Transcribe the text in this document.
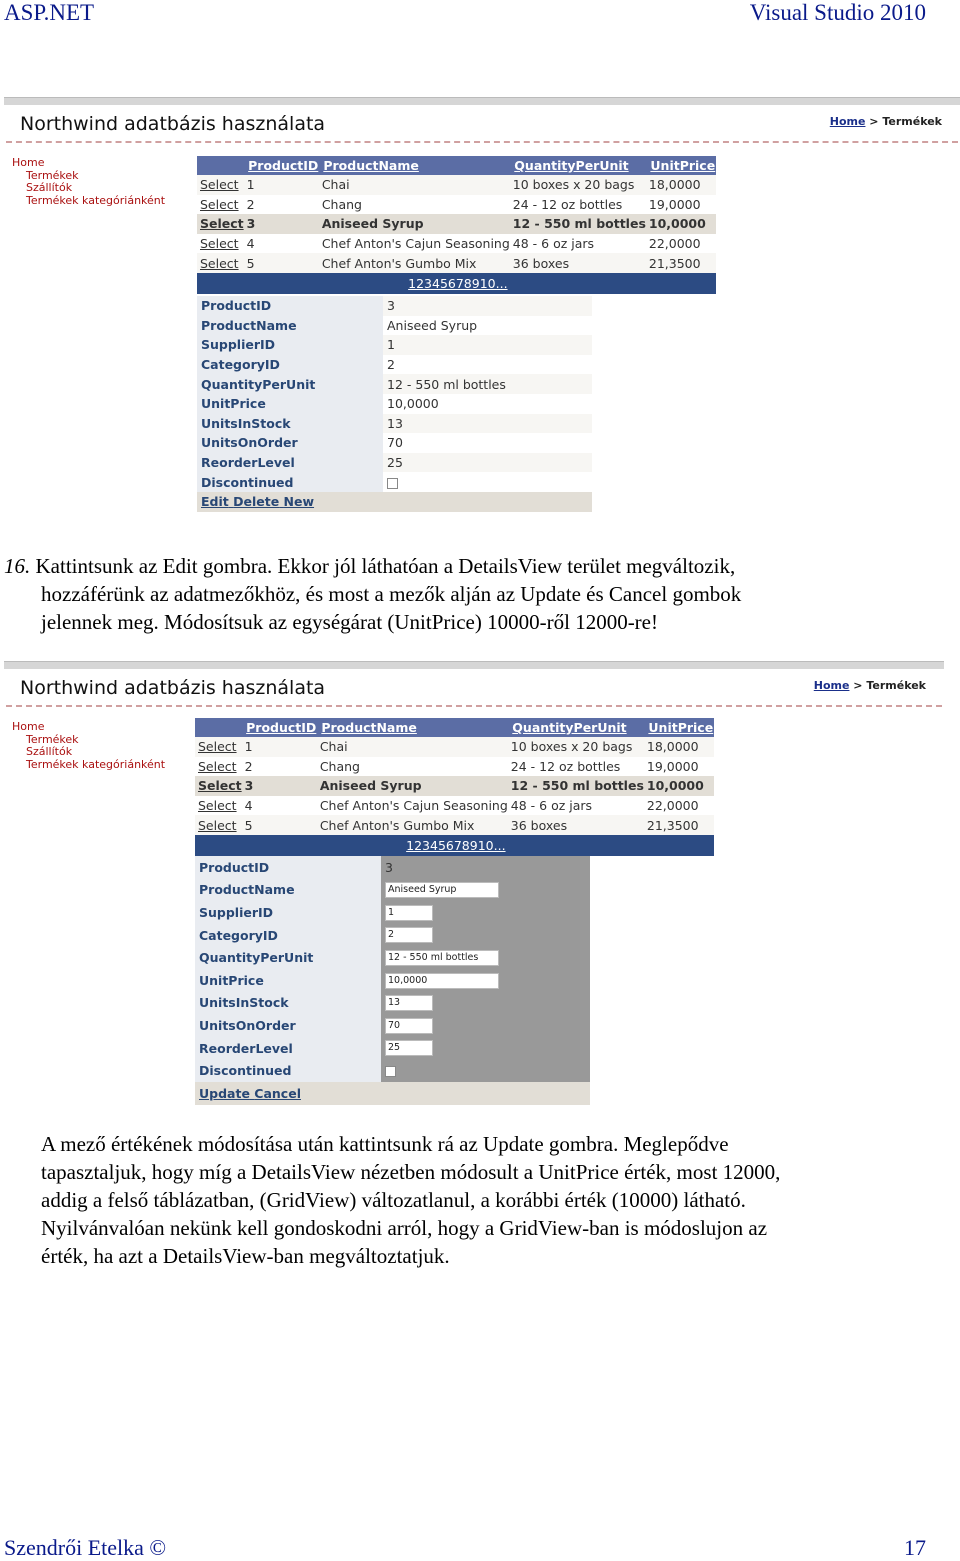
ASP.NET	Visual Studio 2010
Northwind adatbázis használata	Home > Termékek
Home
Termékek
Szállítók
Termékek kategóriánként
	ProductID	ProductName	QuantityPerUnit	UnitPrice
Select	1	Chai	10 boxes x 20 bags	18,0000
Select	2	Chang	24 - 12 oz bottles	19,0000
Select	3	Aniseed Syrup	12 - 550 ml bottles	10,0000
Select	4	Chef Anton's Cajun Seasoning	48 - 6 oz jars	22,0000
Select	5	Chef Anton's Gumbo Mix	36 boxes	21,3500
12345678910...				
ProductID	3
ProductName	Aniseed Syrup
SupplierID	1
CategoryID	2
QuantityPerUnit	12 - 550 ml bottles
UnitPrice	10,0000
UnitsInStock	13
UnitsOnOrder	70
ReorderLevel	25
Discontinued	
Edit Delete New	
16. Kattintsunk az Edit gombra. Ekkor jól láthatóan a DetailsView terület megváltozik,
hozzáférünk az adatmezőkhöz, és most a mezők alján az Update és Cancel gombok
jelennek meg. Módosítsuk az egységárat (UnitPrice) 10000-ről 12000-re!
Northwind adatbázis használata	Home > Termékek
Home
Termékek
Szállítók
Termékek kategóriánként
	ProductID	ProductName	QuantityPerUnit	UnitPrice
Select	1	Chai	10 boxes x 20 bags	18,0000
Select	2	Chang	24 - 12 oz bottles	19,0000
Select	3	Aniseed Syrup	12 - 550 ml bottles	10,0000
Select	4	Chef Anton's Cajun Seasoning	48 - 6 oz jars	22,0000
Select	5	Chef Anton's Gumbo Mix	36 boxes	21,3500
12345678910...				
ProductID	3
ProductName	Aniseed Syrup
SupplierID	1
CategoryID	2
QuantityPerUnit	12 - 550 ml bottles
UnitPrice	10,0000
UnitsInStock	13
UnitsOnOrder	70
ReorderLevel	25
Discontinued	
Update Cancel	
A mező értékének módosítása után kattintsunk rá az Update gombra. Meglepődve
tapasztaljuk, hogy míg a DetailsView nézetben módosult a UnitPrice érték, most 12000,
addig a felső táblázatban, (GridView) változatlanul, a korábbi érték (10000) látható.
Nyilvánvalóan nekünk kell gondoskodni arról, hogy a GridView-ban is módoslujon az
érték, ha azt a DetailsView-ban megváltoztatjuk.
Szendrői Etelka ©	17
